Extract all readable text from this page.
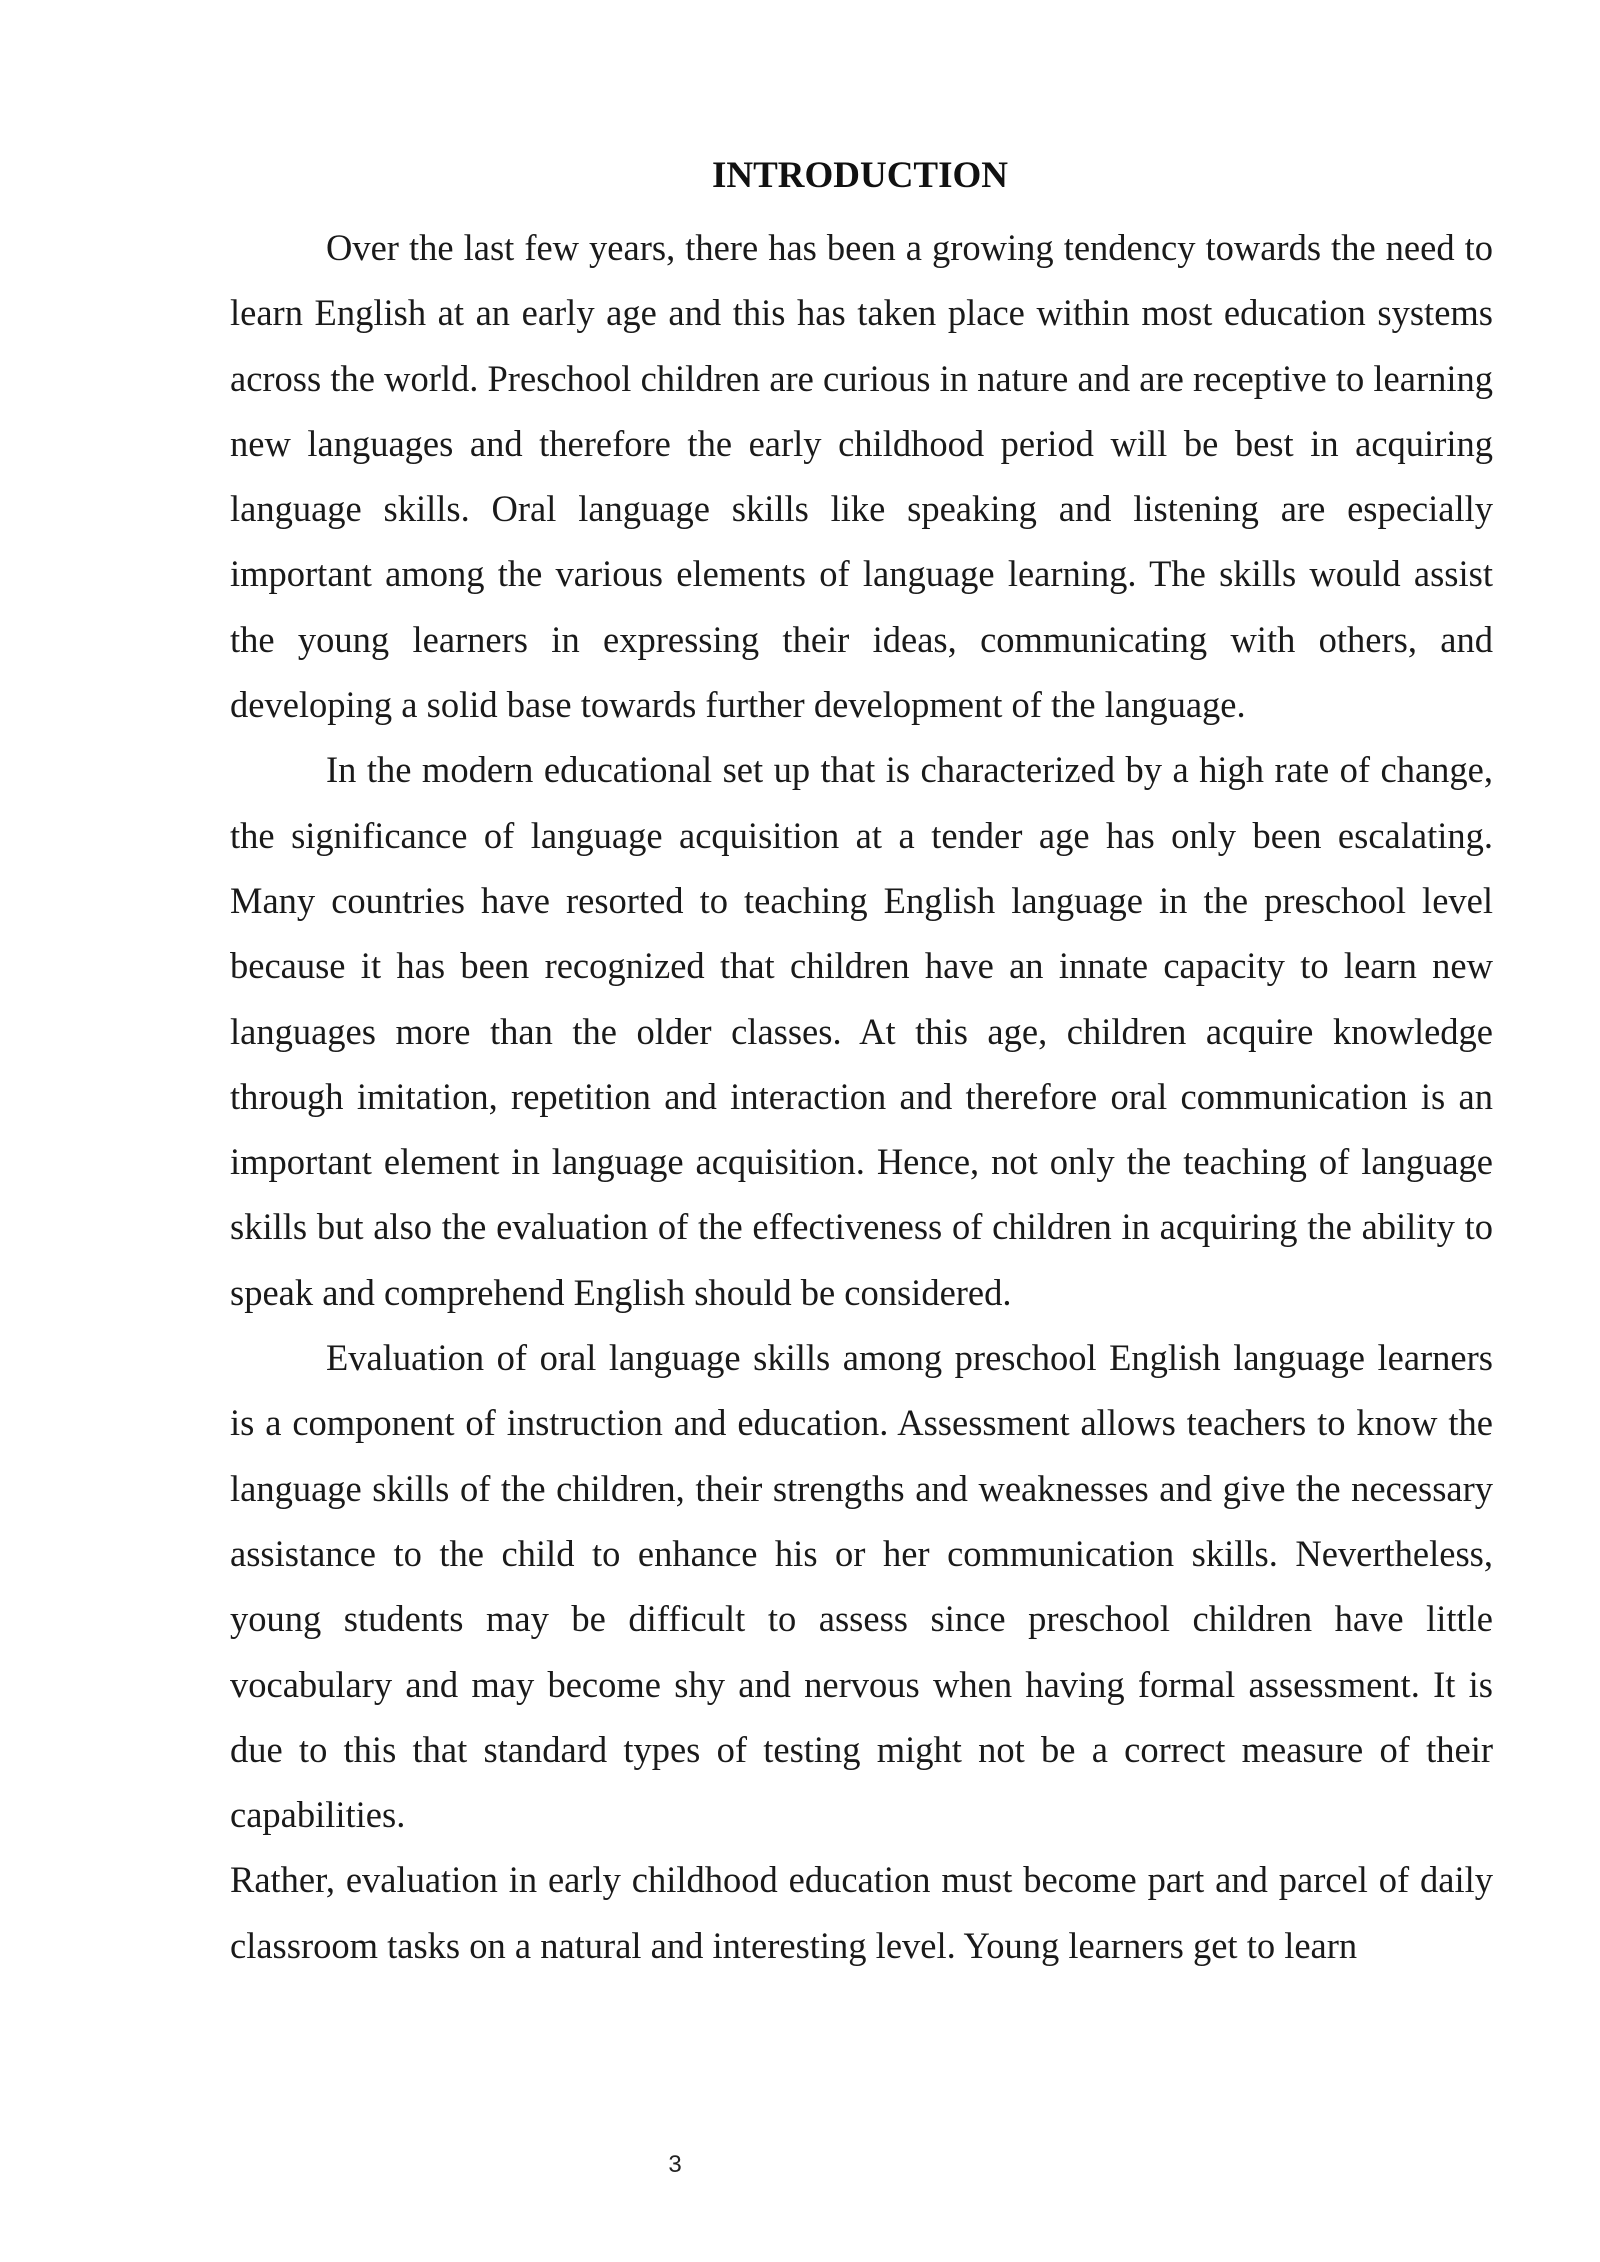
INTRODUCTION

Over the last few years, there has been a growing tendency towards the need to learn English at an early age and this has taken place within most education systems across the world. Preschool children are curious in nature and are receptive to learning new languages and therefore the early childhood period will be best in acquiring language skills. Oral language skills like speaking and listening are especially important among the various elements of language learning. The skills would assist the young learners in expressing their ideas, communicating with others, and developing a solid base towards further development of the language.

In the modern educational set up that is characterized by a high rate of change, the significance of language acquisition at a tender age has only been escalating. Many countries have resorted to teaching English language in the preschool level because it has been recognized that children have an innate capacity to learn new languages more than the older classes. At this age, children acquire knowledge through imitation, repetition and interaction and therefore oral communication is an important element in language acquisition. Hence, not only the teaching of language skills but also the evaluation of the effectiveness of children in acquiring the ability to speak and comprehend English should be considered.

Evaluation of oral language skills among preschool English language learners is a component of instruction and education. Assessment allows teachers to know the language skills of the children, their strengths and weaknesses and give the necessary assistance to the child to enhance his or her communication skills. Nevertheless, young students may be difficult to assess since preschool children have little vocabulary and may become shy and nervous when having formal assessment. It is due to this that standard types of testing might not be a correct measure of their capabilities.

Rather, evaluation in early childhood education must become part and parcel of daily classroom tasks on a natural and interesting level. Young learners get to learn

3
